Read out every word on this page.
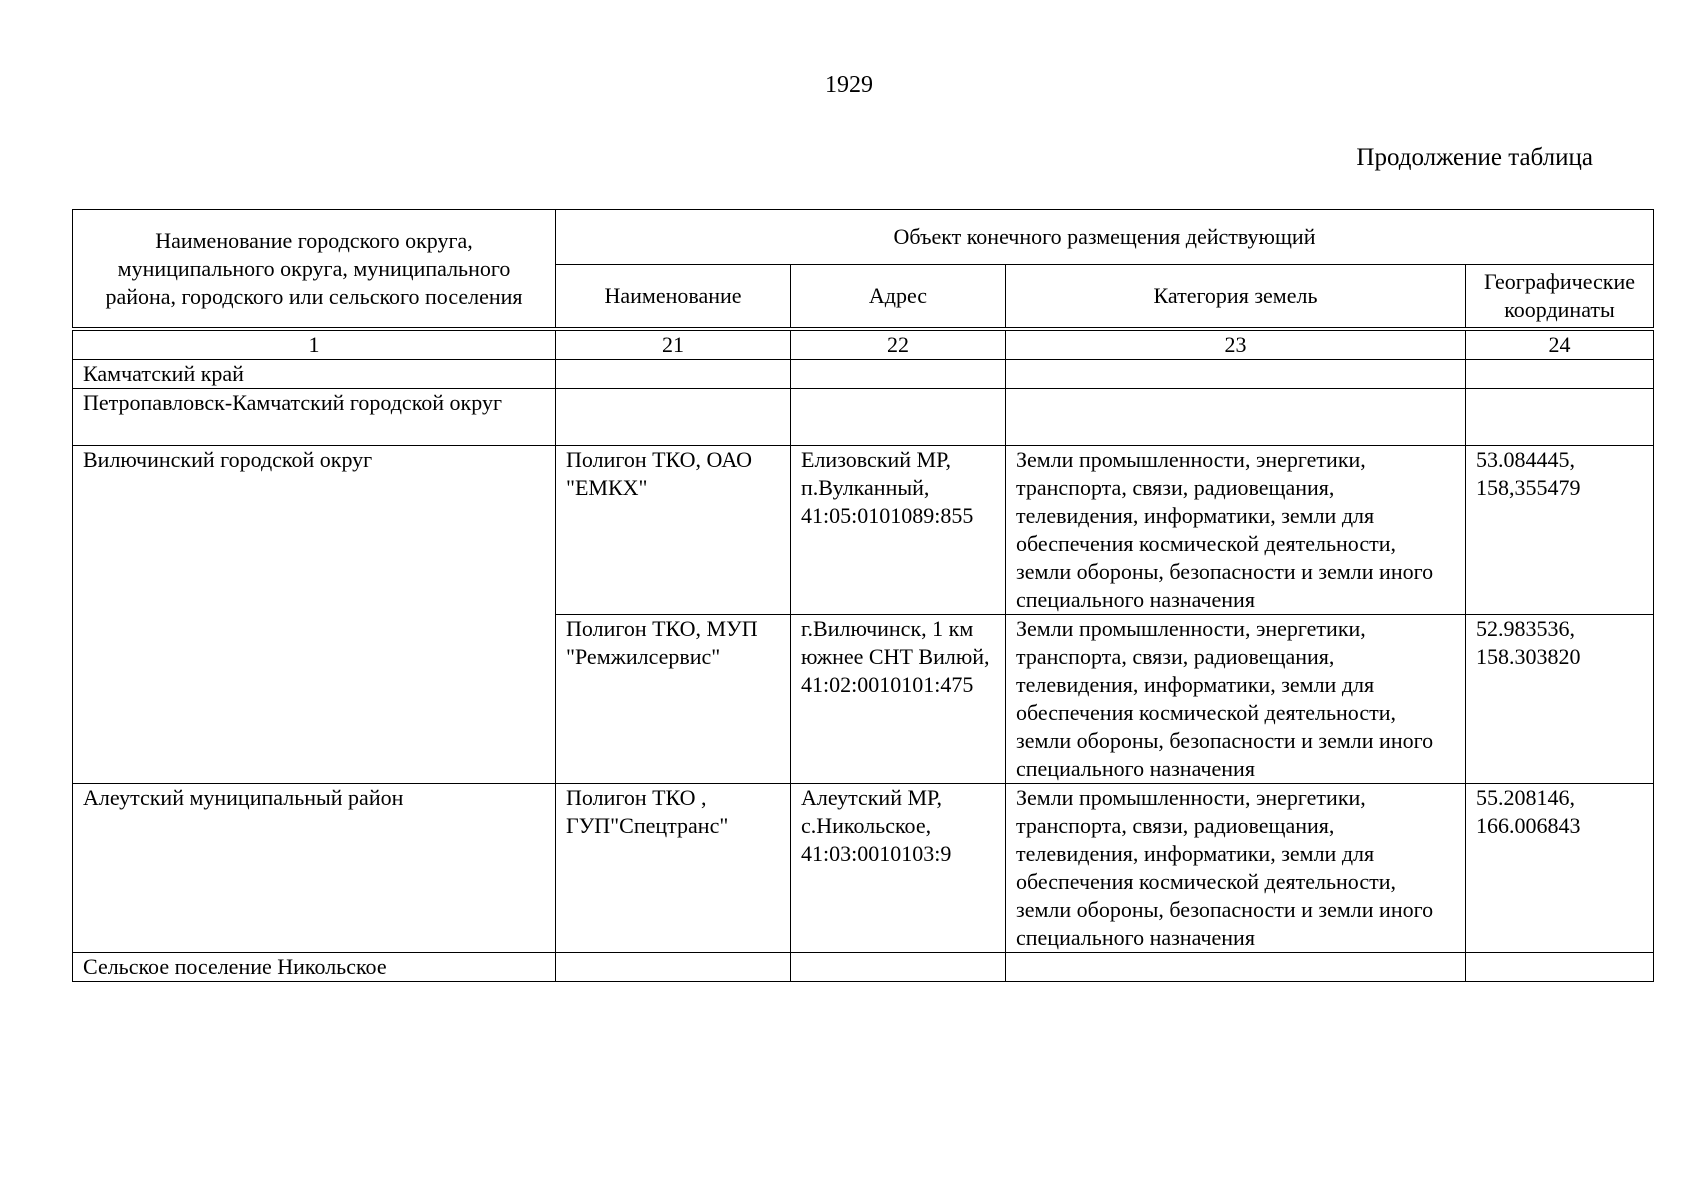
1929
Продолжение таблица
Наименование городского округа, муниципального округа, муниципального района, городского или сельского поселения	Объект конечного размещения действующий			
	Наименование	Адрес	Категория земель	Географические координаты
1	21	22	23	24
Камчатский край				
Петропавловск-Камчатский городской округ				
Вилючинский городской округ	Полигон ТКО, ОАО "ЕМКХ"	Елизовский МР, п.Вулканный, 41:05:0101089:855	Земли промышленности, энергетики, транспорта, связи, радиовещания, телевидения, информатики, земли для обеспечения космической деятельности, земли обороны, безопасности и земли иного специального назначения	53.084445, 158,355479
	Полигон ТКО, МУП "Ремжилсервис"	г.Вилючинск, 1 км южнее СНТ Вилюй, 41:02:0010101:475	Земли промышленности, энергетики, транспорта, связи, радиовещания, телевидения, информатики, земли для обеспечения космической деятельности, земли обороны, безопасности и земли иного специального назначения	52.983536, 158.303820
Алеутский муниципальный район	Полигон ТКО , ГУП"Спецтранс"	Алеутский МР, с.Никольское, 41:03:0010103:9	Земли промышленности, энергетики, транспорта, связи, радиовещания, телевидения, информатики, земли для обеспечения космической деятельности, земли обороны, безопасности и земли иного специального назначения	55.208146, 166.006843
Сельское поселение Никольское				
